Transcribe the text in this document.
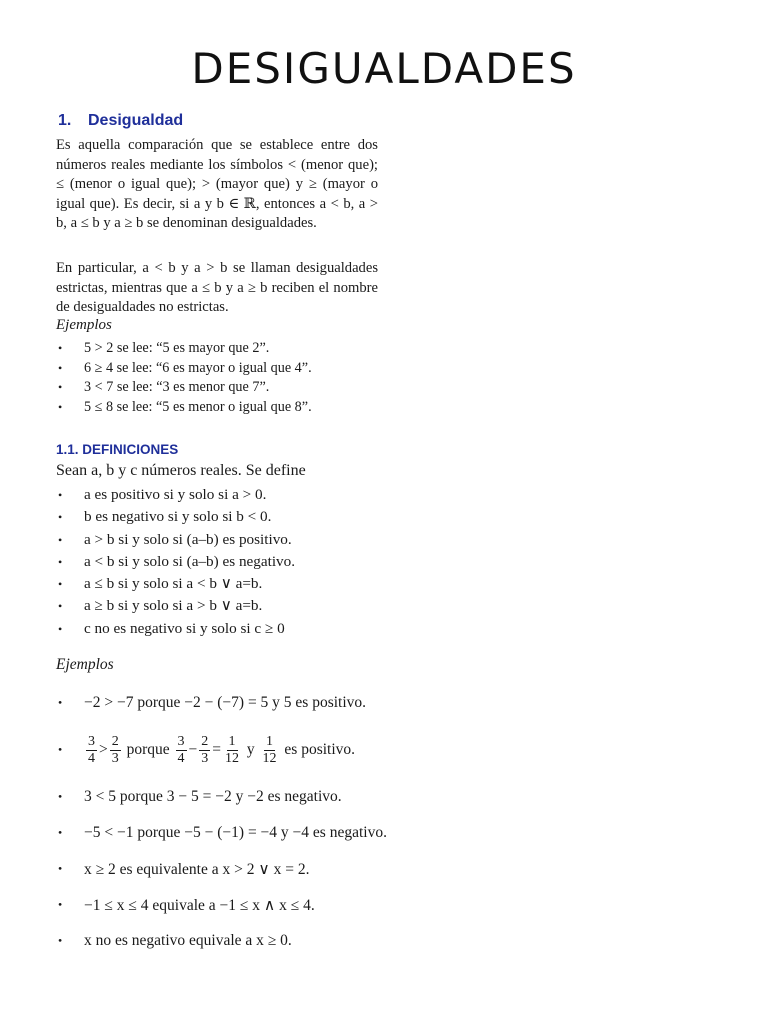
DESIGUALDADES
1. Desigualdad

Es aquella comparación que se establece entre dos números reales mediante los símbolos < (menor que); ≤ (menor o igual que); > (mayor que) y ≥ (mayor o igual que). Es decir, si a y b ∈ ℝ, entonces a < b, a > b, a ≤ b y a ≥ b se denominan desigualdades.

En particular, a < b y a > b se llaman desigualdades estrictas, mientras que a ≤ b y a ≥ b reciben el nombre de desigualdades no estrictas.

Ejemplos
• 5 > 2 se lee: “5 es mayor que 2”.
• 6 ≥ 4 se lee: “6 es mayor o igual que 4”.
• 3 < 7 se lee: “3 es menor que 7”.
• 5 ≤ 8 se lee: “5 es menor o igual que 8”.
1.1. DEFINICIONES
Sean a, b y c números reales. Se define
• a es positivo si y solo si a > 0.
• b es negativo si y solo si b < 0.
• a > b si y solo si (a–b) es positivo.
• a < b si y solo si (a–b) es negativo.
• a ≤ b si y solo si a < b ∨ a=b.
• a ≥ b si y solo si a > b ∨ a=b.
• c no es negativo si y solo si c ≥ 0
Ejemplos
• −2 > −7 porque −2 − (−7) = 5 y 5 es positivo.
• $\frac{3}{4} > \frac{2}{3}$
porque
$\frac{3}{4} - \frac{2}{3} = \frac{1}{12}$
y
$\frac{1}{12}$
es positivo.
• 3 < 5 porque 3 − 5 = −2 y −2 es negativo.
• −5 < −1 porque −5 − (−1) = −4 y −4 es negativo.
• x ≥ 2 es equivalente a x > 2 ∨ x = 2.
• −1 ≤ x ≤ 4 equivale a −1 ≤ x ∧ x ≤ 4.
• x no es negativo equivale a x ≥ 0.
